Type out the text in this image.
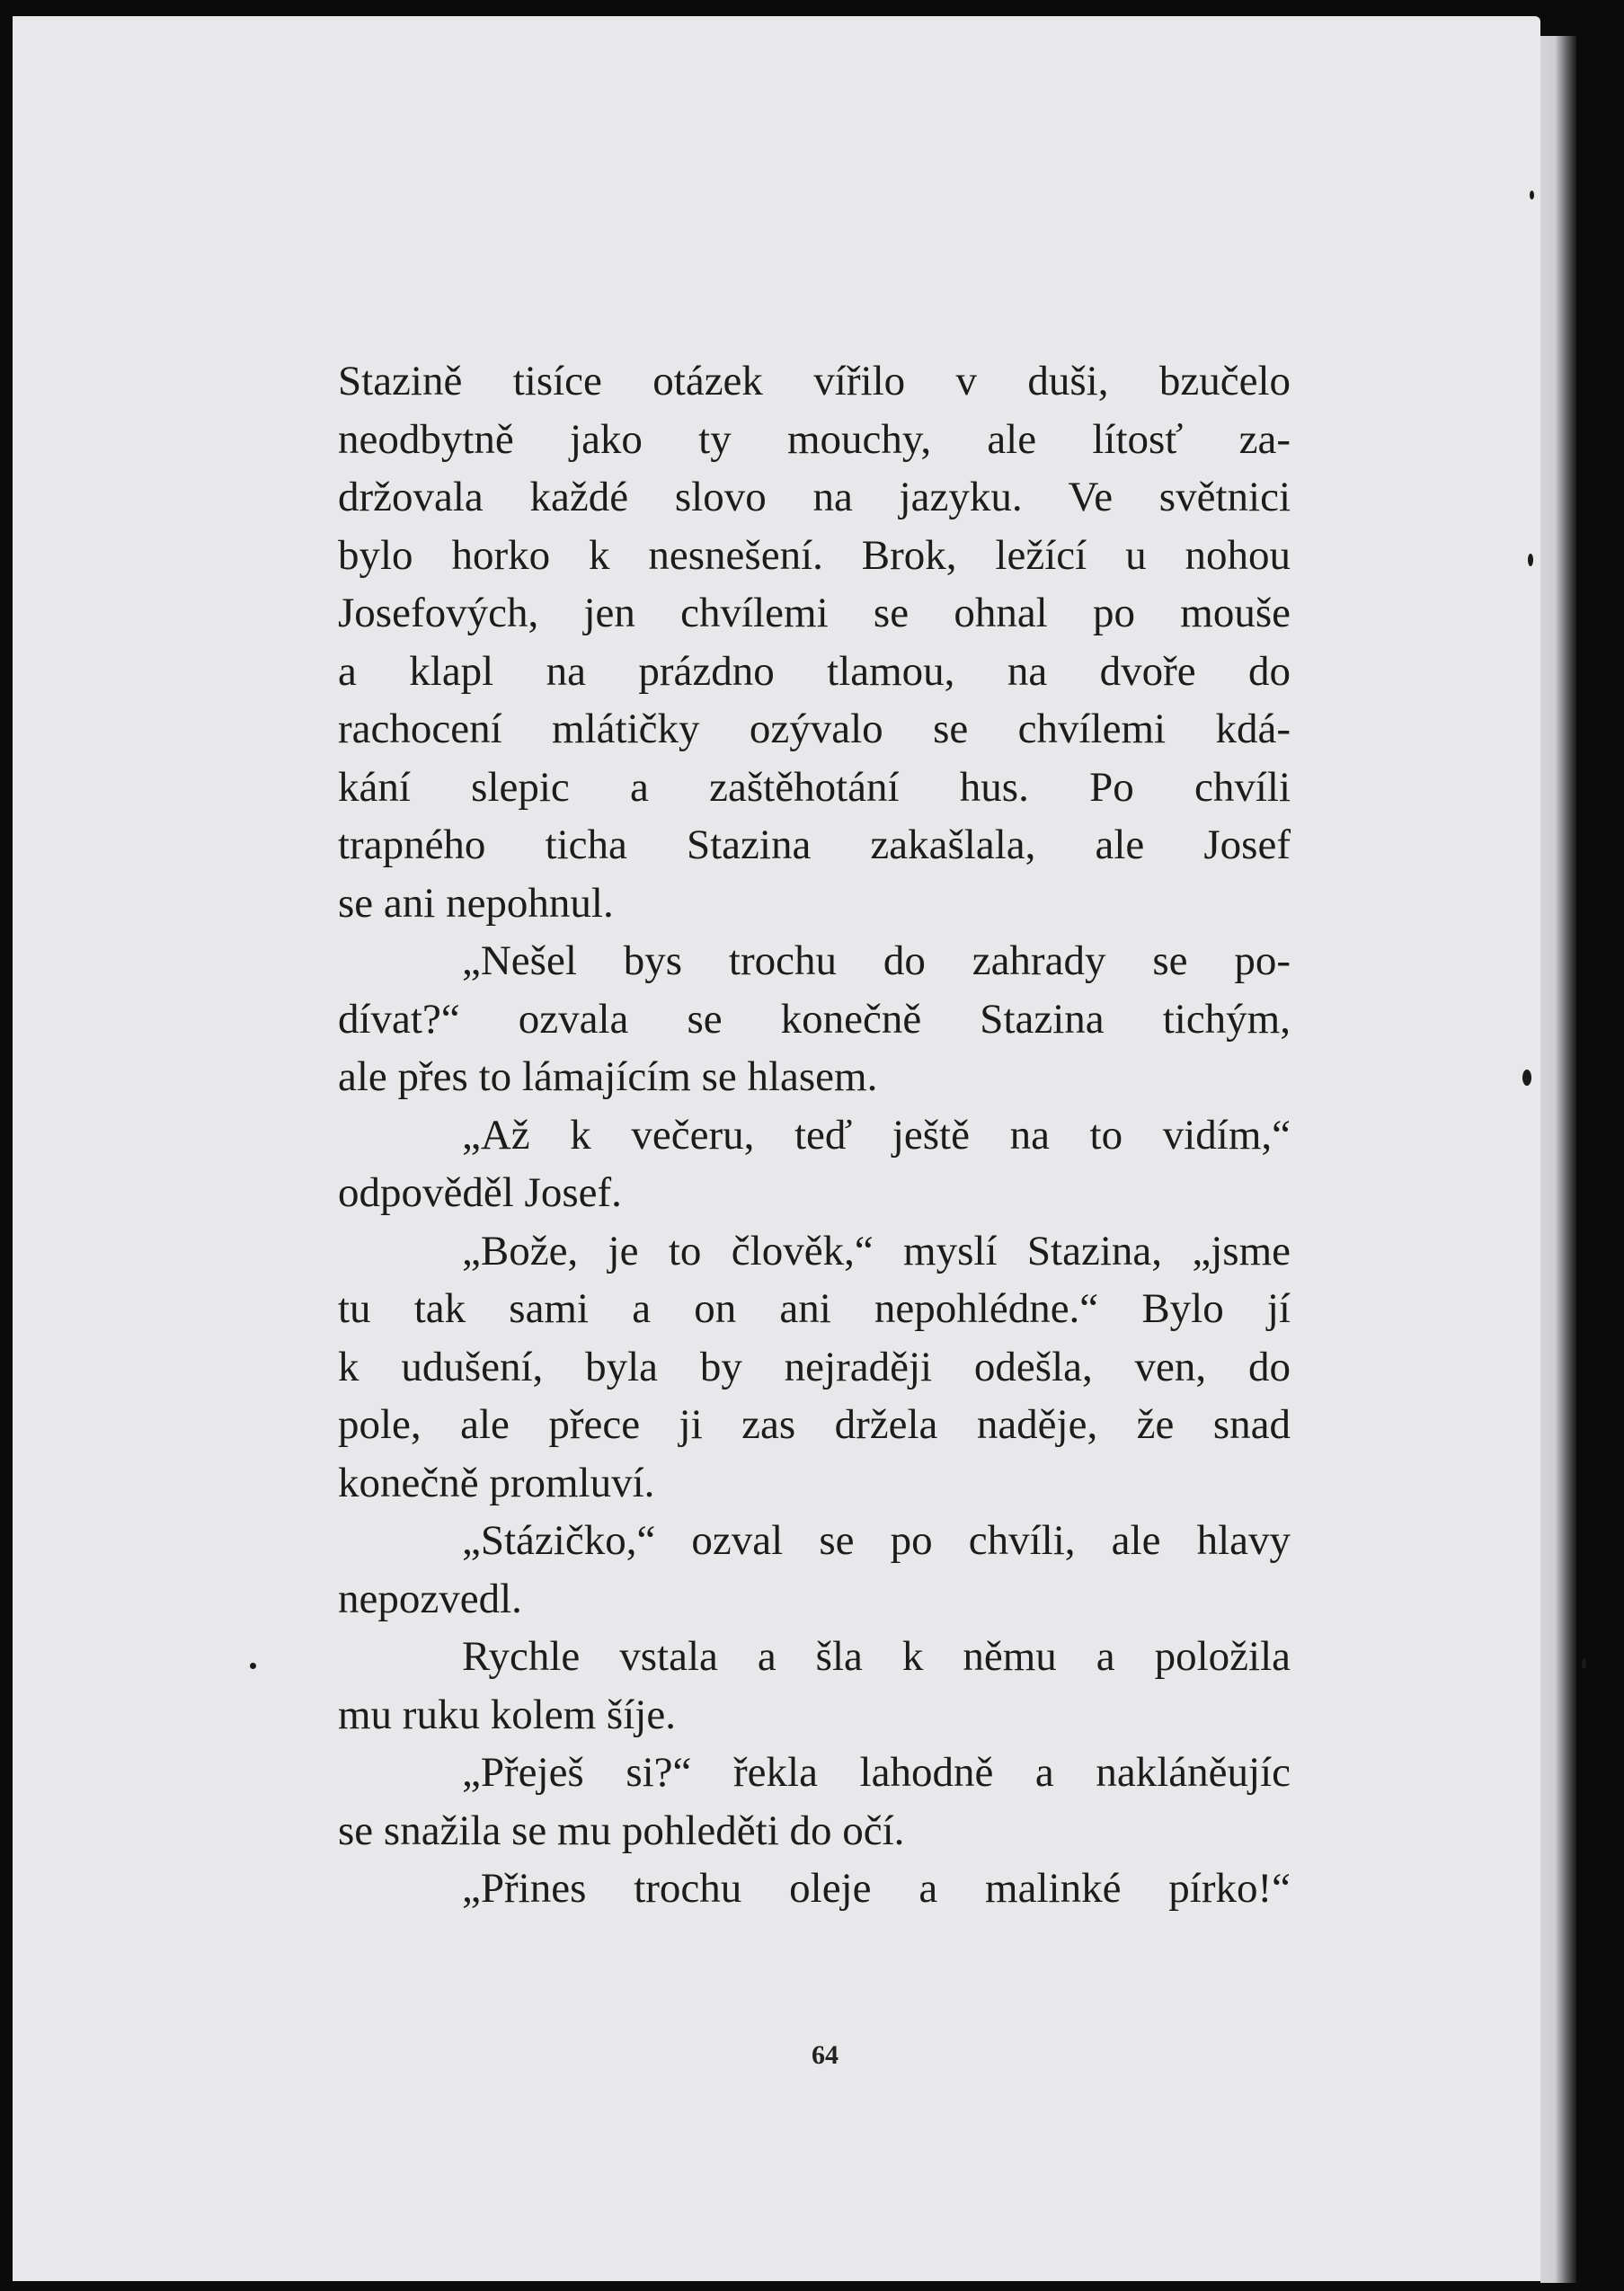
Stazině tisíce otázek vířilo v duši, bzučelo
neodbytně jako ty mouchy, ale lítosť za-
držovala každé slovo na jazyku. Ve světnici
bylo horko k nesnešení. Brok, ležící u nohou
Josefových, jen chvílemi se ohnal po mouše
a klapl na prázdno tlamou, na dvoře do
rachocení mlátičky ozývalo se chvílemi kdá-
kání slepic a zaštěhotání hus. Po chvíli
trapného ticha Stazina zakašlala, ale Josef
se ani nepohnul.

„Nešel bys trochu do zahrady se po-
dívat?“ ozvala se konečně Stazina tichým,
ale přes to lámajícím se hlasem.

„Až k večeru, teď ještě na to vidím,“
odpověděl Josef.

„Bože, je to člověk,“ myslí Stazina, „jsme
tu tak sami a on ani nepohlédne.“ Bylo jí
k udušení, byla by nejraději odešla, ven, do
pole, ale přece ji zas držela naděje, že snad
konečně promluví.

„Stázičko,“ ozval se po chvíli, ale hlavy
nepozvedl.

Rychle vstala a šla k němu a položila
mu ruku kolem šíje.

„Přeješ si?“ řekla lahodně a nakláněujíc
se snažila se mu pohleděti do očí.

„Přines trochu oleje a malinké pírko!“

64
